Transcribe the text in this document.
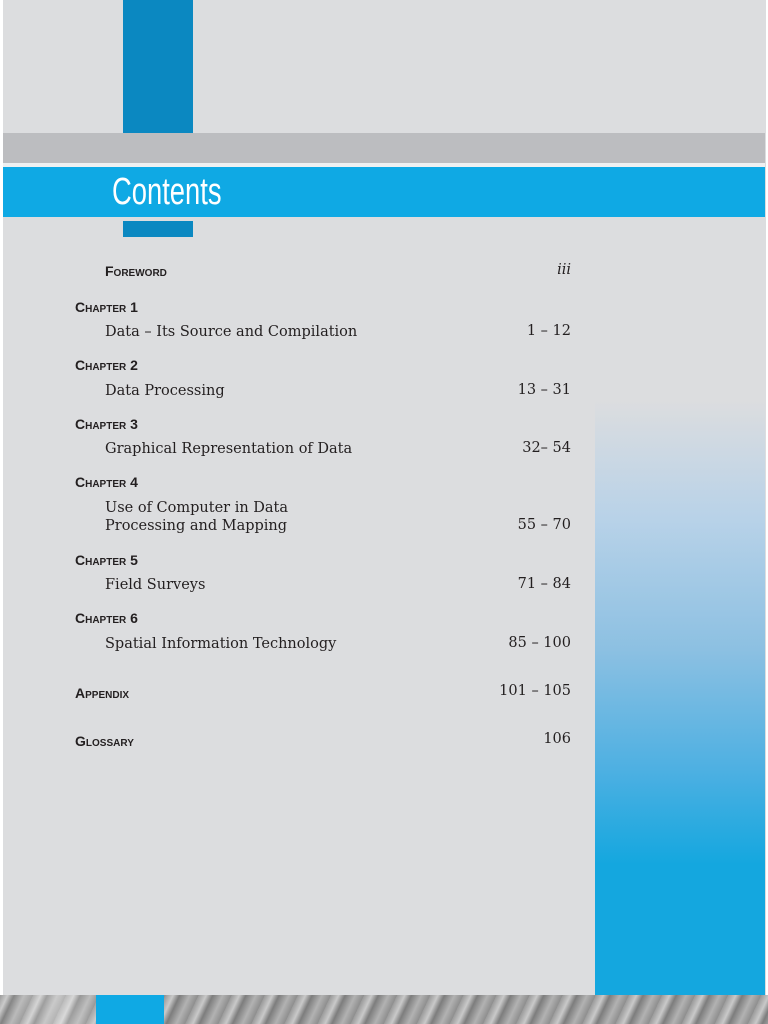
Contents
Foreword	iii
Chapter 1
Data – Its Source and Compilation	1 – 12
Chapter 2
Data Processing	13 – 31
Chapter 3
Graphical Representation of Data	32– 54
Chapter 4
Use of Computer in Data
Processing and Mapping	55 – 70
Chapter 5
Field Surveys	71 – 84
Chapter 6
Spatial Information Technology	85 – 100
Appendix	101 – 105
Glossary	106
